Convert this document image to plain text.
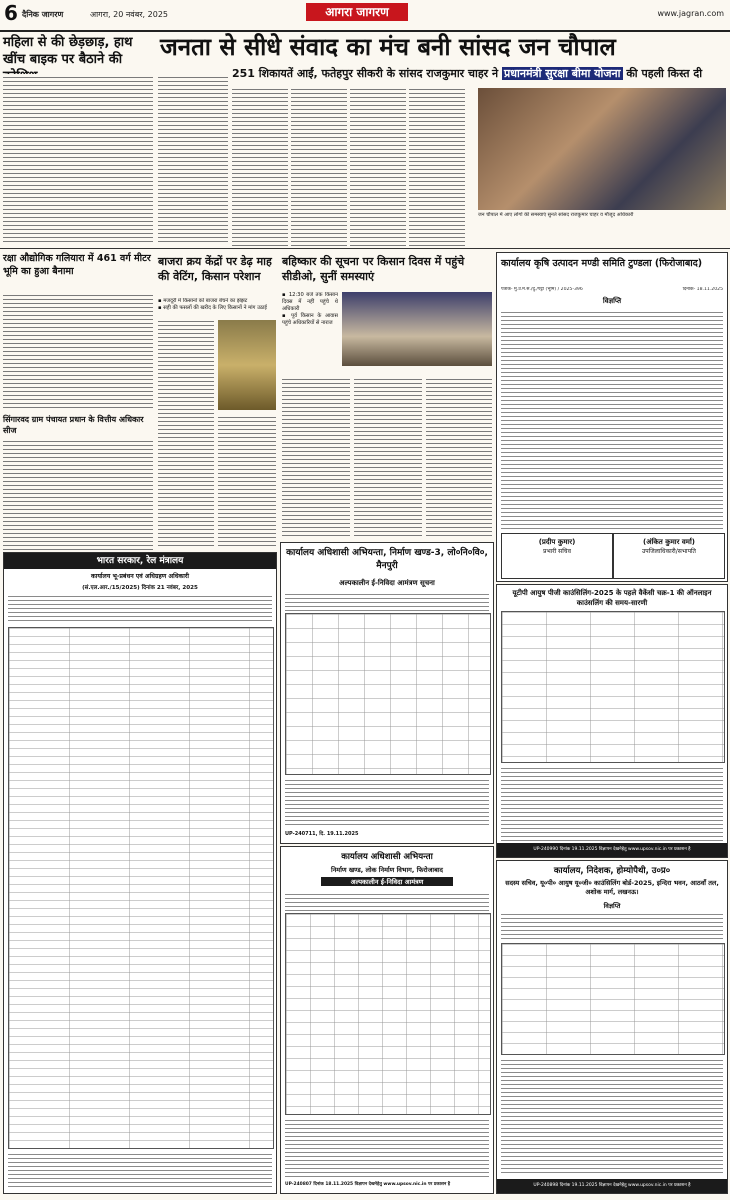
6 दैनिक जागरण	आगरा, 20 नवंबर, 2025	आगरा जागरण	www.jagran.com
महिला से की छेड़छाड़, हाथ खींच बाइक पर बैठाने की	जनता से सीधे संवाद का मंच बनी सांसद जन चौपाल
251 शिकायतें आईं, फतेहपुर सीकरी के सांसद राजकुमार चाहर ने प्रधानमंत्री सुरक्षा बीमा योजना की पहली किस्त दी
जन चौपाल में आए लोगों की समस्याएं सुनते सांसद राजकुमार चाहर व मौजूद अधिकारी
रक्षा औद्योगिक गलियारा में 461 वर्ग मीटर भूमि का हुआ बैनामा
सिंगारवद ग्राम पंचायत प्रधान के वित्तीय अधिकार सीज
बाजरा क्रय केंद्रों पर डेढ़ माह की वेटिंग, किसान परेशान
▪ मजदूरी में किसानों को बाजरा बेचने का झंझट
▪ सही की फसलों की खरीद के लिए किसानों ने मांग उठाई
बहिष्कार की सूचना पर किसान दिवस में पहुंचे सीडीओ, सुनीं समस्याएं
▪ 12:30 बजे तक किसान दिवस में नहीं पहुंचे थे अधिकारी
▪ पूर्व किसान के आवास पहुंचे अधिकारियों से नाराज
कार्यालय कृषि उत्पादन मण्डी समिति टुण्डला (फिरोजाबाद)
पत्रांक- मु.उ.म.स./दु./पट्टा (भूमि) / 2025-396	दिनांक- 18.11.2025
विज्ञप्ति
(प्रदीप कुमार)
प्रभारी सचिव
(अंकित कुमार वर्मा)
उपजिलाधिकारी/सभापति
भारत सरकार, रेल मंत्रालय
कार्यालय भू-प्रबंधन एवं अधिग्रहण अधिकारी
(सं.एल.आर./15/2025) दिनांक 21 नवंबर, 2025
कार्यालय अधिशासी अभियन्ता, निर्माण खण्ड-3, लो०नि०वि०, मैनपुरी
अल्पकालीन ई-निविदा आमंत्रण सूचना
UP-240711, दि. 19.11.2025
कार्यालय अधिशासी अभियन्ता
निर्माण खण्ड, लोक निर्माण विभाग, फिरोजाबाद
अल्पकालीन ई-निविदा आमंत्रण
UP-240807 दिनांक 18.11.2025 विज्ञापन देखनेहेतु www.upsov.nic.in पर प्रकाशन है
यूटीपी आयुष पीजी काउंसिलिंग-2025 के पहले वैकेंसी चक्र-1 की ऑनलाइन काउंसलिंग की समय-सारणी
UP-240990 दिनांक 19.11.2025 विज्ञापन देखनेहेतु www.upsov.nic.in पर प्रकाशन है
कार्यालय, निदेशक, होम्योपैथी, उ०प्र०
सदस्य सचिव, यू०पी० आयुष यू०जी० काउंसिलिंग बोर्ड-2025, इन्दिरा भवन, आठवाँ तल, अशोक मार्ग, लखनऊ।
विज्ञप्ति
UP-240898 दिनांक 19.11.2025 विज्ञापन देखनेहेतु www.upsov.nic.in पर प्रकाशन है
